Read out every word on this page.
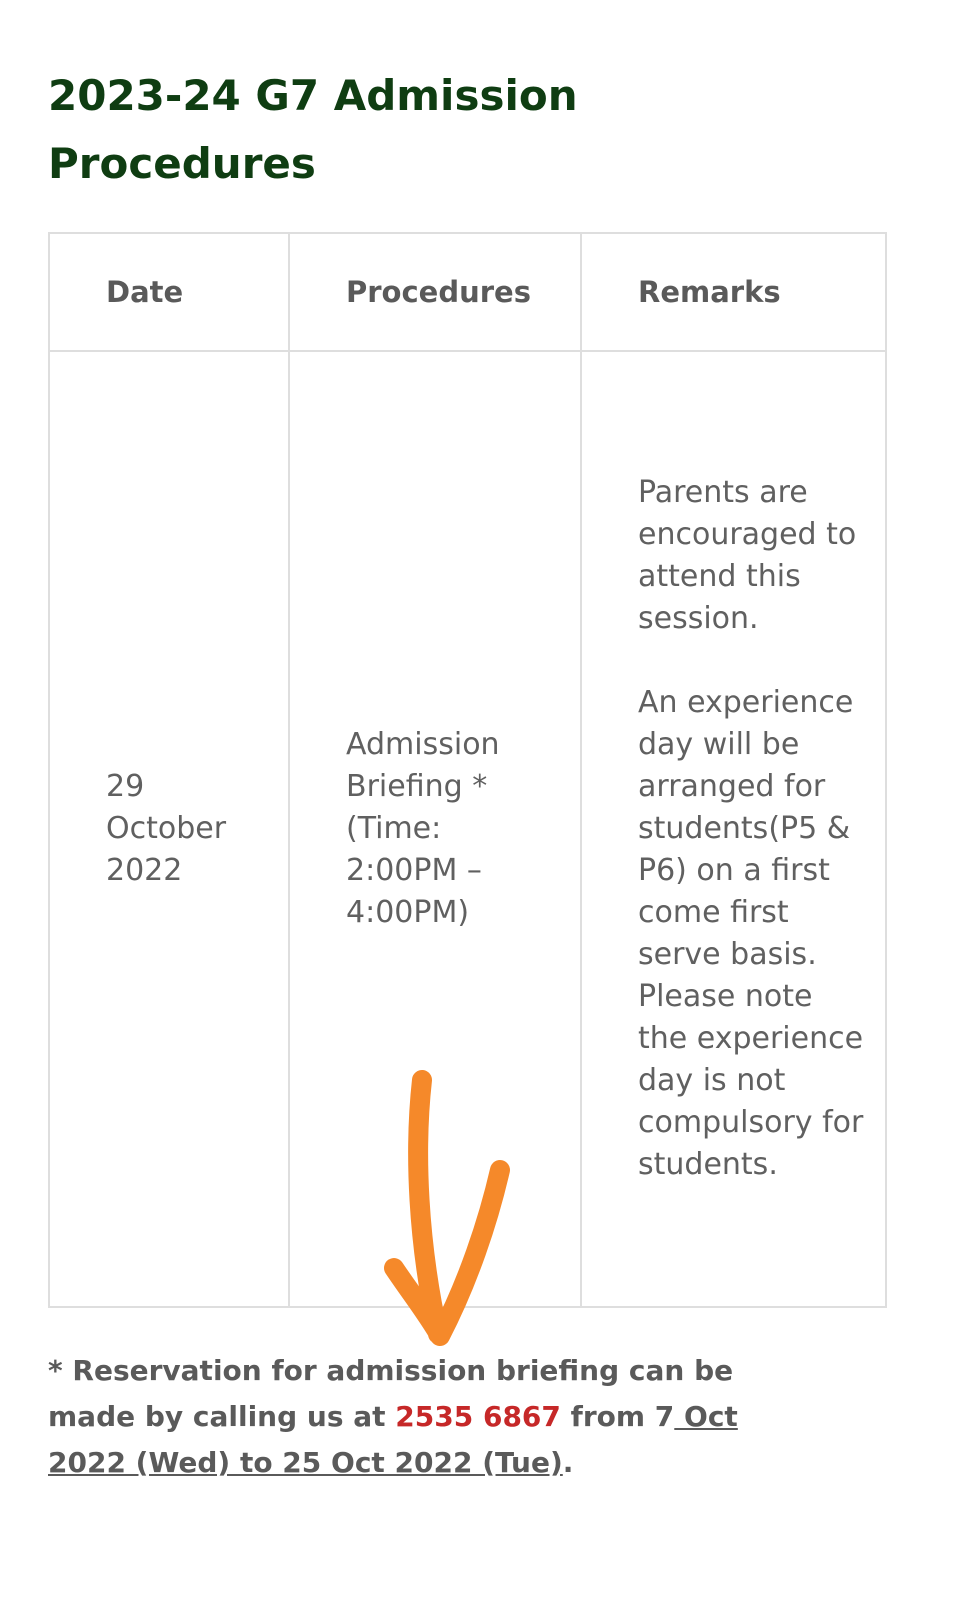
2023-24 G7 Admission Procedures
Date	Procedures	Remarks
29 October 2022	Admission Briefing * (Time: 2:00PM – 4:00PM)	Parents are encouraged to attend this session.

An experience day will be arranged for students(P5 & P6) on a first come first serve basis. Please note the experience day is not compulsory for students.

* Reservation for admission briefing can be made by calling us at 2535 6867 from 7 Oct 2022 (Wed) to 25 Oct 2022 (Tue).
